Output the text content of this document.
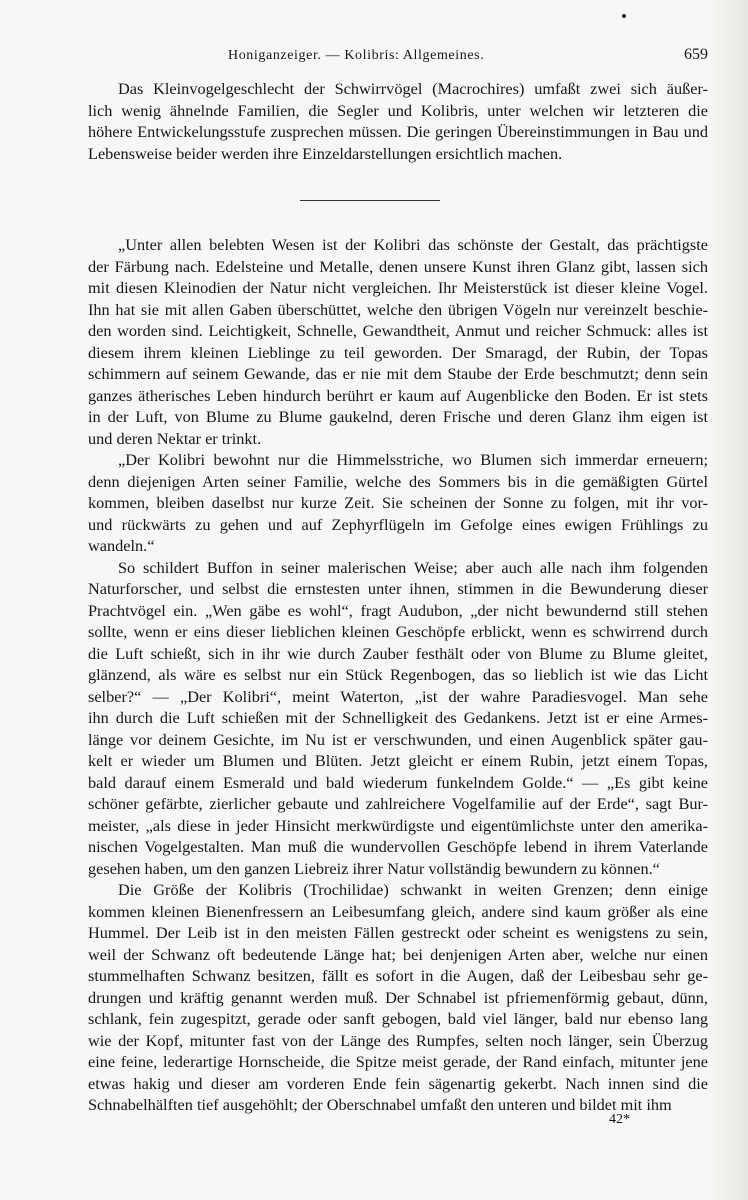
Honiganzeiger. — Kolibris: Allgemeines.	659
Das Kleinvogelgeschlecht der Schwirrvögel (Macrochires) umfaßt zwei sich äußer-
lich wenig ähnelnde Familien, die Segler und Kolibris, unter welchen wir letzteren die
höhere Entwickelungsstufe zusprechen müssen. Die geringen Übereinstimmungen in Bau und
Lebensweise beider werden ihre Einzeldarstellungen ersichtlich machen.
„Unter allen belebten Wesen ist der Kolibri das schönste der Gestalt, das prächtigste
der Färbung nach. Edelsteine und Metalle, denen unsere Kunst ihren Glanz gibt, lassen sich
mit diesen Kleinodien der Natur nicht vergleichen. Ihr Meisterstück ist dieser kleine Vogel.
Ihn hat sie mit allen Gaben überschüttet, welche den übrigen Vögeln nur vereinzelt beschie-
den worden sind. Leichtigkeit, Schnelle, Gewandtheit, Anmut und reicher Schmuck: alles ist
diesem ihrem kleinen Lieblinge zu teil geworden. Der Smaragd, der Rubin, der Topas
schimmern auf seinem Gewande, das er nie mit dem Staube der Erde beschmutzt; denn sein
ganzes ätherisches Leben hindurch berührt er kaum auf Augenblicke den Boden. Er ist stets
in der Luft, von Blume zu Blume gaukelnd, deren Frische und deren Glanz ihm eigen ist
und deren Nektar er trinkt.
„Der Kolibri bewohnt nur die Himmelsstriche, wo Blumen sich immerdar erneuern;
denn diejenigen Arten seiner Familie, welche des Sommers bis in die gemäßigten Gürtel
kommen, bleiben daselbst nur kurze Zeit. Sie scheinen der Sonne zu folgen, mit ihr vor-
und rückwärts zu gehen und auf Zephyrflügeln im Gefolge eines ewigen Frühlings zu
wandeln.“
So schildert Buffon in seiner malerischen Weise; aber auch alle nach ihm folgenden
Naturforscher, und selbst die ernstesten unter ihnen, stimmen in die Bewunderung dieser
Prachtvögel ein. „Wen gäbe es wohl“, fragt Audubon, „der nicht bewundernd still stehen
sollte, wenn er eins dieser lieblichen kleinen Geschöpfe erblickt, wenn es schwirrend durch
die Luft schießt, sich in ihr wie durch Zauber festhält oder von Blume zu Blume gleitet,
glänzend, als wäre es selbst nur ein Stück Regenbogen, das so lieblich ist wie das Licht
selber?“ — „Der Kolibri“, meint Waterton, „ist der wahre Paradiesvogel. Man sehe
ihn durch die Luft schießen mit der Schnelligkeit des Gedankens. Jetzt ist er eine Armes-
länge vor deinem Gesichte, im Nu ist er verschwunden, und einen Augenblick später gau-
kelt er wieder um Blumen und Blüten. Jetzt gleicht er einem Rubin, jetzt einem Topas,
bald darauf einem Esmerald und bald wiederum funkelndem Golde.“ — „Es gibt keine
schöner gefärbte, zierlicher gebaute und zahlreichere Vogelfamilie auf der Erde“, sagt Bur-
meister, „als diese in jeder Hinsicht merkwürdigste und eigentümlichste unter den amerika-
nischen Vogelgestalten. Man muß die wundervollen Geschöpfe lebend in ihrem Vaterlande
gesehen haben, um den ganzen Liebreiz ihrer Natur vollständig bewundern zu können.“
Die Größe der Kolibris (Trochilidae) schwankt in weiten Grenzen; denn einige
kommen kleinen Bienenfressern an Leibesumfang gleich, andere sind kaum größer als eine
Hummel. Der Leib ist in den meisten Fällen gestreckt oder scheint es wenigstens zu sein,
weil der Schwanz oft bedeutende Länge hat; bei denjenigen Arten aber, welche nur einen
stummelhaften Schwanz besitzen, fällt es sofort in die Augen, daß der Leibesbau sehr ge-
drungen und kräftig genannt werden muß. Der Schnabel ist pfriemenförmig gebaut, dünn,
schlank, fein zugespitzt, gerade oder sanft gebogen, bald viel länger, bald nur ebenso lang
wie der Kopf, mitunter fast von der Länge des Rumpfes, selten noch länger, sein Überzug
eine feine, lederartige Hornscheide, die Spitze meist gerade, der Rand einfach, mitunter jene
etwas hakig und dieser am vorderen Ende fein sägenartig gekerbt. Nach innen sind die
Schnabelhälften tief ausgehöhlt; der Oberschnabel umfaßt den unteren und bildet mit ihm
42*
